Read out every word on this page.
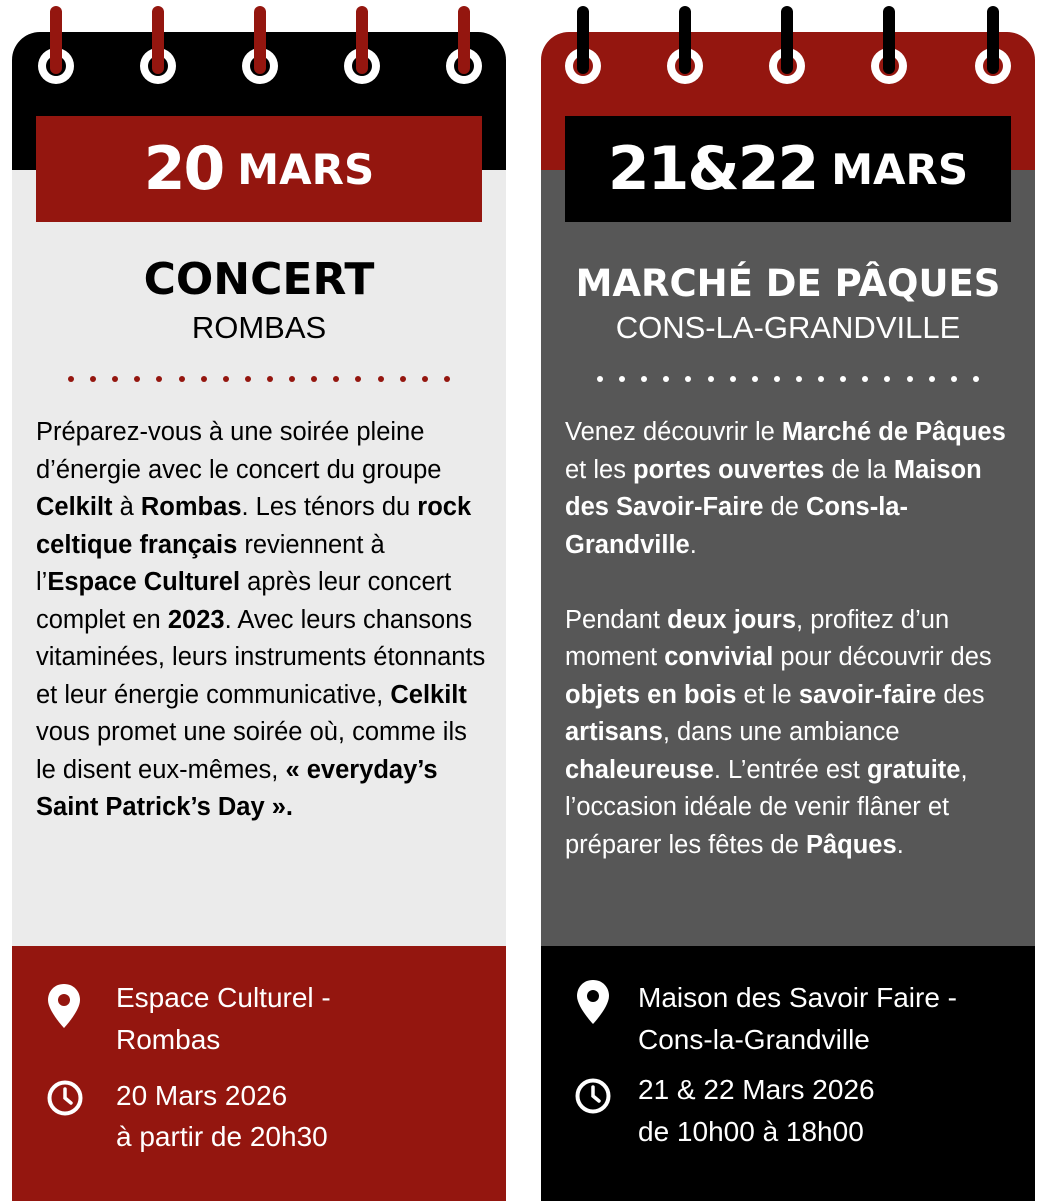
20 MARS
CONCERT
ROMBAS

Préparez-vous à une soirée pleine d’énergie avec le concert du groupe Celkilt à Rombas. Les ténors du rock celtique français reviennent à l’Espace Culturel après leur concert complet en 2023. Avec leurs chansons vitaminées, leurs instruments étonnants et leur énergie communicative, Celkilt vous promet une soirée où, comme ils le disent eux-mêmes, « everyday’s Saint Patrick’s Day ».

Espace Culturel -
Rombas
20 Mars 2026
à partir de 20h30
21&22 MARS
MARCHÉ DE PÂQUES
CONS-LA-GRANDVILLE

Venez découvrir le Marché de Pâques et les portes ouvertes de la Maison des Savoir-Faire de Cons-la-Grandville.

Pendant deux jours, profitez d’un moment convivial pour découvrir des objets en bois et le savoir-faire des artisans, dans une ambiance chaleureuse. L’entrée est gratuite, l’occasion idéale de venir flâner et préparer les fêtes de Pâques.

Maison des Savoir Faire -
Cons-la-Grandville
21 & 22 Mars 2026
de 10h00 à 18h00
